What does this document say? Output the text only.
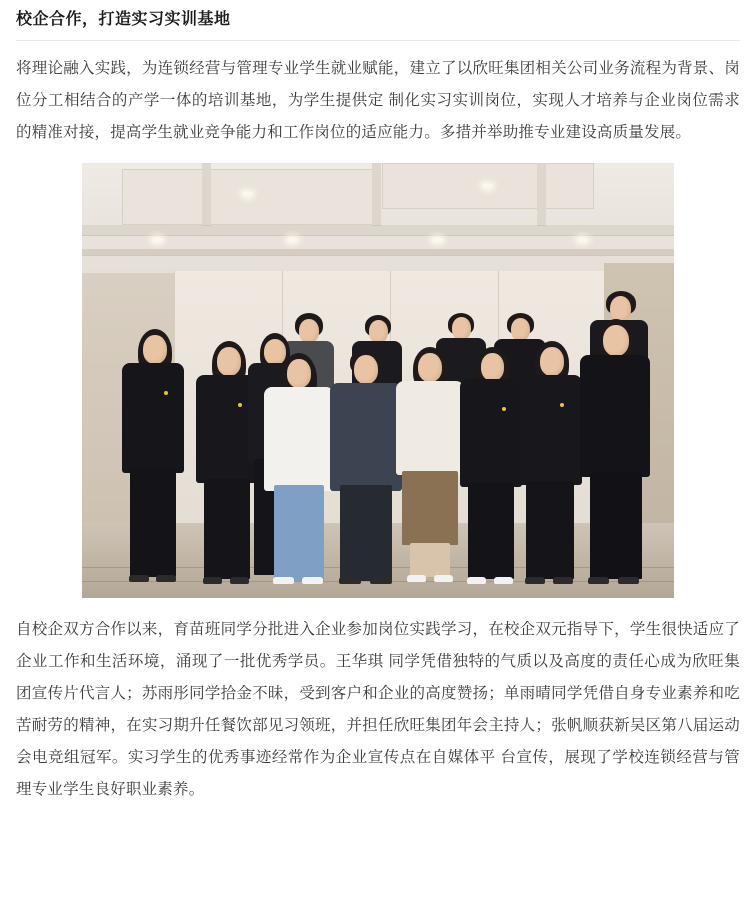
校企合作，打造实习实训基地

将理论融入实践，为连锁经营与管理专业学生就业赋能，建立了以欣旺集团相关公司业务流程为背景、岗位分工相结合的产学一体的培训基地，为学生提供定 制化实习实训岗位，实现人才培养与企业岗位需求的精准对接，提高学生就业竞争能力和工作岗位的适应能力。多措并举助推专业建设高质量发展。

自校企双方合作以来，育苗班同学分批进入企业参加岗位实践学习，在校企双元指导下，学生很快适应了企业工作和生活环境，涌现了一批优秀学员。王华琪 同学凭借独特的气质以及高度的责任心成为欣旺集团宣传片代言人；苏雨彤同学拾金不昧，受到客户和企业的高度赞扬；单雨晴同学凭借自身专业素养和吃苦耐劳的精神，在实习期升任餐饮部见习领班，并担任欣旺集团年会主持人；张帆顺获新吴区第八届运动会电竞组冠军。实习学生的优秀事迹经常作为企业宣传点在自媒体平 台宣传，展现了学校连锁经营与管理专业学生良好职业素养。
